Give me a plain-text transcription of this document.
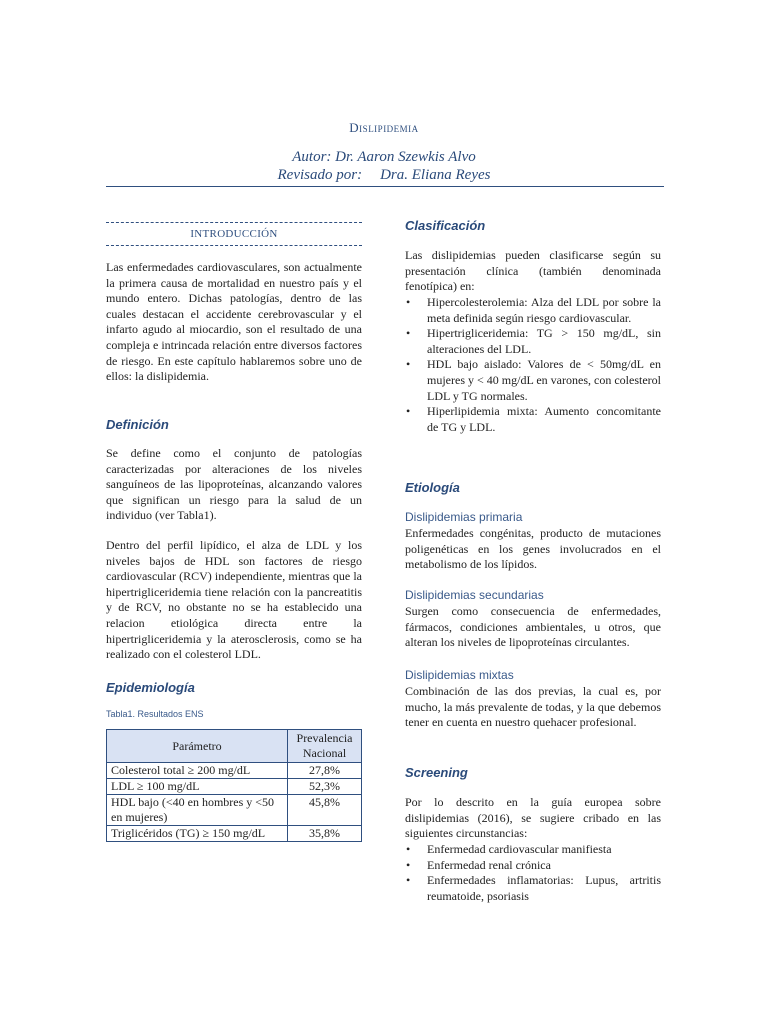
Dislipidemia
Autor: Dr. Aaron Szewkis Alvo
Revisado por: Dra. Eliana Reyes
INTRODUCCIÓN
Las enfermedades cardiovasculares, son actualmente la primera causa de mortalidad en nuestro país y el mundo entero. Dichas patologías, dentro de las cuales destacan el accidente cerebrovascular y el infarto agudo al miocardio, son el resultado de una compleja e intrincada relación entre diversos factores de riesgo. En este capítulo hablaremos sobre uno de ellos: la dislipidemia.
Definición
Se define como el conjunto de patologías caracterizadas por alteraciones de los niveles sanguíneos de las lipoproteínas, alcanzando valores que significan un riesgo para la salud de un individuo (ver Tabla1).
Dentro del perfil lipídico, el alza de LDL y los niveles bajos de HDL son factores de riesgo cardiovascular (RCV) independiente, mientras que la hipertrigliceridemia tiene relación con la pancreatitis y de RCV, no obstante no se ha establecido una relacion etiológica directa entre la hipertrigliceridemia y la aterosclerosis, como se ha realizado con el colesterol LDL.
Epidemiología
Tabla1. Resultados ENS
Parámetro	Prevalencia Nacional
Colesterol total ≥ 200 mg/dL	27,8%
LDL ≥ 100 mg/dL	52,3%
HDL bajo (<40 en hombres y <50 en mujeres)	45,8%
Triglicéridos (TG) ≥ 150 mg/dL	35,8%
Clasificación
Las dislipidemias pueden clasificarse según su presentación clínica (también denominada fenotípica) en:
• Hipercolesterolemia: Alza del LDL por sobre la meta definida según riesgo cardiovascular.
• Hipertrigliceridemia: TG > 150 mg/dL, sin alteraciones del LDL.
• HDL bajo aislado: Valores de < 50mg/dL en mujeres y < 40 mg/dL en varones, con colesterol LDL y TG normales.
• Hiperlipidemia mixta: Aumento concomitante de TG y LDL.
Etiología
Dislipidemias primaria
Enfermedades congénitas, producto de mutaciones poligenéticas en los genes involucrados en el metabolismo de los lípidos.
Dislipidemias secundarias
Surgen como consecuencia de enfermedades, fármacos, condiciones ambientales, u otros, que alteran los niveles de lipoproteínas circulantes.
Dislipidemias mixtas
Combinación de las dos previas, la cual es, por mucho, la más prevalente de todas, y la que debemos tener en cuenta en nuestro quehacer profesional.
Screening
Por lo descrito en la guía europea sobre dislipidemias (2016), se sugiere cribado en las siguientes circunstancias:
• Enfermedad cardiovascular manifiesta
• Enfermedad renal crónica
• Enfermedades inflamatorias: Lupus, artritis reumatoide, psoriasis
